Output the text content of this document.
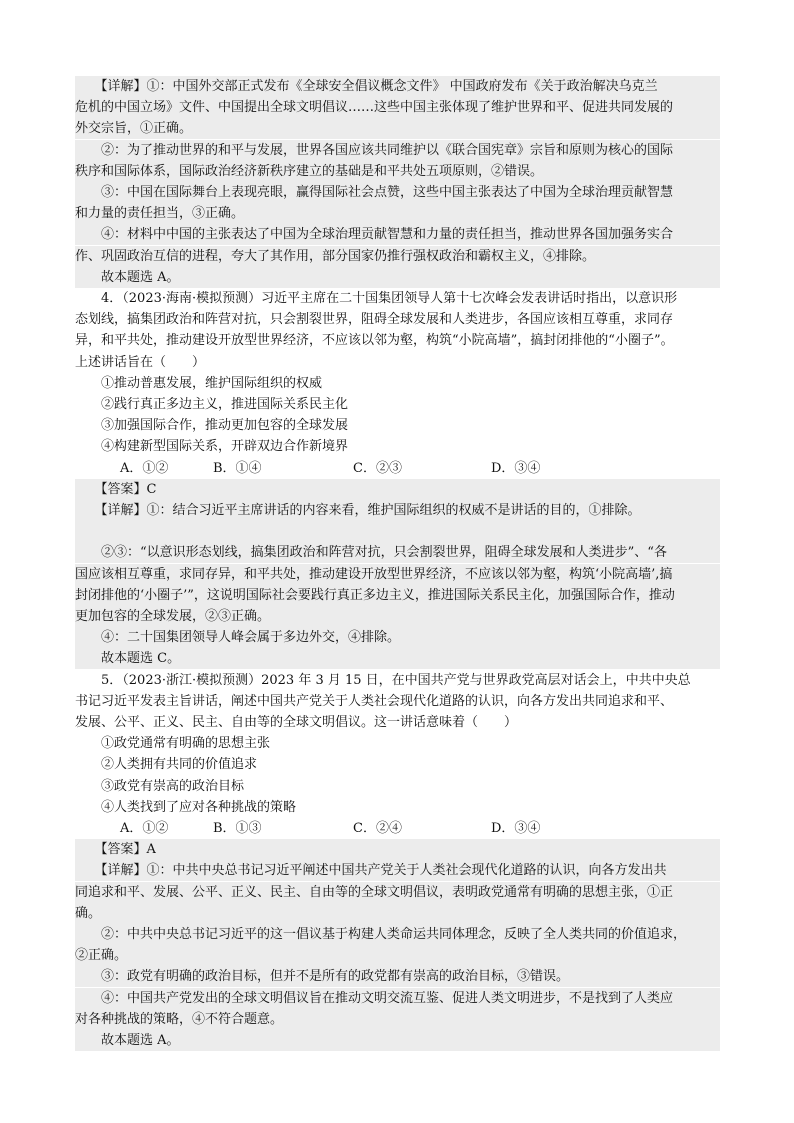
　　【详解】①：中国外交部正式发布《全球安全倡议概念文件》 中国政府发布《关于政治解决乌克兰
危机的中国立场》文件、中国提出全球文明倡议……这些中国主张体现了维护世界和平、促进共同发展的
外交宗旨，①正确。
　　②：为了推动世界的和平与发展，世界各国应该共同维护以《联合国宪章》宗旨和原则为核心的国际
秩序和国际体系，国际政治经济新秩序建立的基础是和平共处五项原则，②错误。
　　③：中国在国际舞台上表现亮眼，赢得国际社会点赞，这些中国主张表达了中国为全球治理贡献智慧
和力量的责任担当，③正确。
　　④：材料中中国的主张表达了中国为全球治理贡献智慧和力量的责任担当，推动世界各国加强务实合
作、巩固政治互信的进程，夸大了其作用，部分国家仍推行强权政治和霸权主义，④排除。
　　故本题选 A。
　　4．（2023·海南·模拟预测）习近平主席在二十国集团领导人第十七次峰会发表讲话时指出，以意识形
态划线，搞集团政治和阵营对抗，只会割裂世界，阻碍全球发展和人类进步，各国应该相互尊重，求同存
异，和平共处，推动建设开放型世界经济，不应该以邻为壑，构筑“小院高墙”，搞封闭排他的“小圈子”。
上述讲话旨在（　　）
　　①推动普惠发展，维护国际组织的权威
　　②践行真正多边主义，推进国际关系民主化
　　③加强国际合作，推动更加包容的全球发展
　　④构建新型国际关系，开辟双边合作新境界
A．①②	B．①④	C．②③	D．③④
　　【答案】C
　　【详解】①：结合习近平主席讲话的内容来看，维护国际组织的权威不是讲话的目的，①排除。
　　②③：“以意识形态划线，搞集团政治和阵营对抗，只会割裂世界，阻碍全球发展和人类进步”、“各
国应该相互尊重，求同存异，和平共处，推动建设开放型世界经济，不应该以邻为壑，构筑‘小院高墙’,搞
封闭排他的‘小圈子’”，这说明国际社会要践行真正多边主义，推进国际关系民主化，加强国际合作，推动
更加包容的全球发展，②③正确。
　　④：二十国集团领导人峰会属于多边外交，④排除。
　　故本题选 C。
　　5．（2023·浙江·模拟预测）2023 年 3 月 15 日，在中国共产党与世界政党高层对话会上，中共中央总
书记习近平发表主旨讲话，阐述中国共产党关于人类社会现代化道路的认识，向各方发出共同追求和平、
发展、公平、正义、民主、自由等的全球文明倡议。这一讲话意味着（　　）
　　①政党通常有明确的思想主张
　　②人类拥有共同的价值追求
　　③政党有崇高的政治目标
　　④人类找到了应对各种挑战的策略
A．①②	B．①③	C．②④	D．③④
　　【答案】A
　　【详解】①：中共中央总书记习近平阐述中国共产党关于人类社会现代化道路的认识，向各方发出共
同追求和平、发展、公平、正义、民主、自由等的全球文明倡议，表明政党通常有明确的思想主张，①正
确。
　　②：中共中央总书记习近平的这一倡议基于构建人类命运共同体理念，反映了全人类共同的价值追求，
②正确。
　　③：政党有明确的政治目标，但并不是所有的政党都有崇高的政治目标，③错误。
　　④：中国共产党发出的全球文明倡议旨在推动文明交流互鉴、促进人类文明进步，不是找到了人类应
对各种挑战的策略，④不符合题意。
　　故本题选 A。
